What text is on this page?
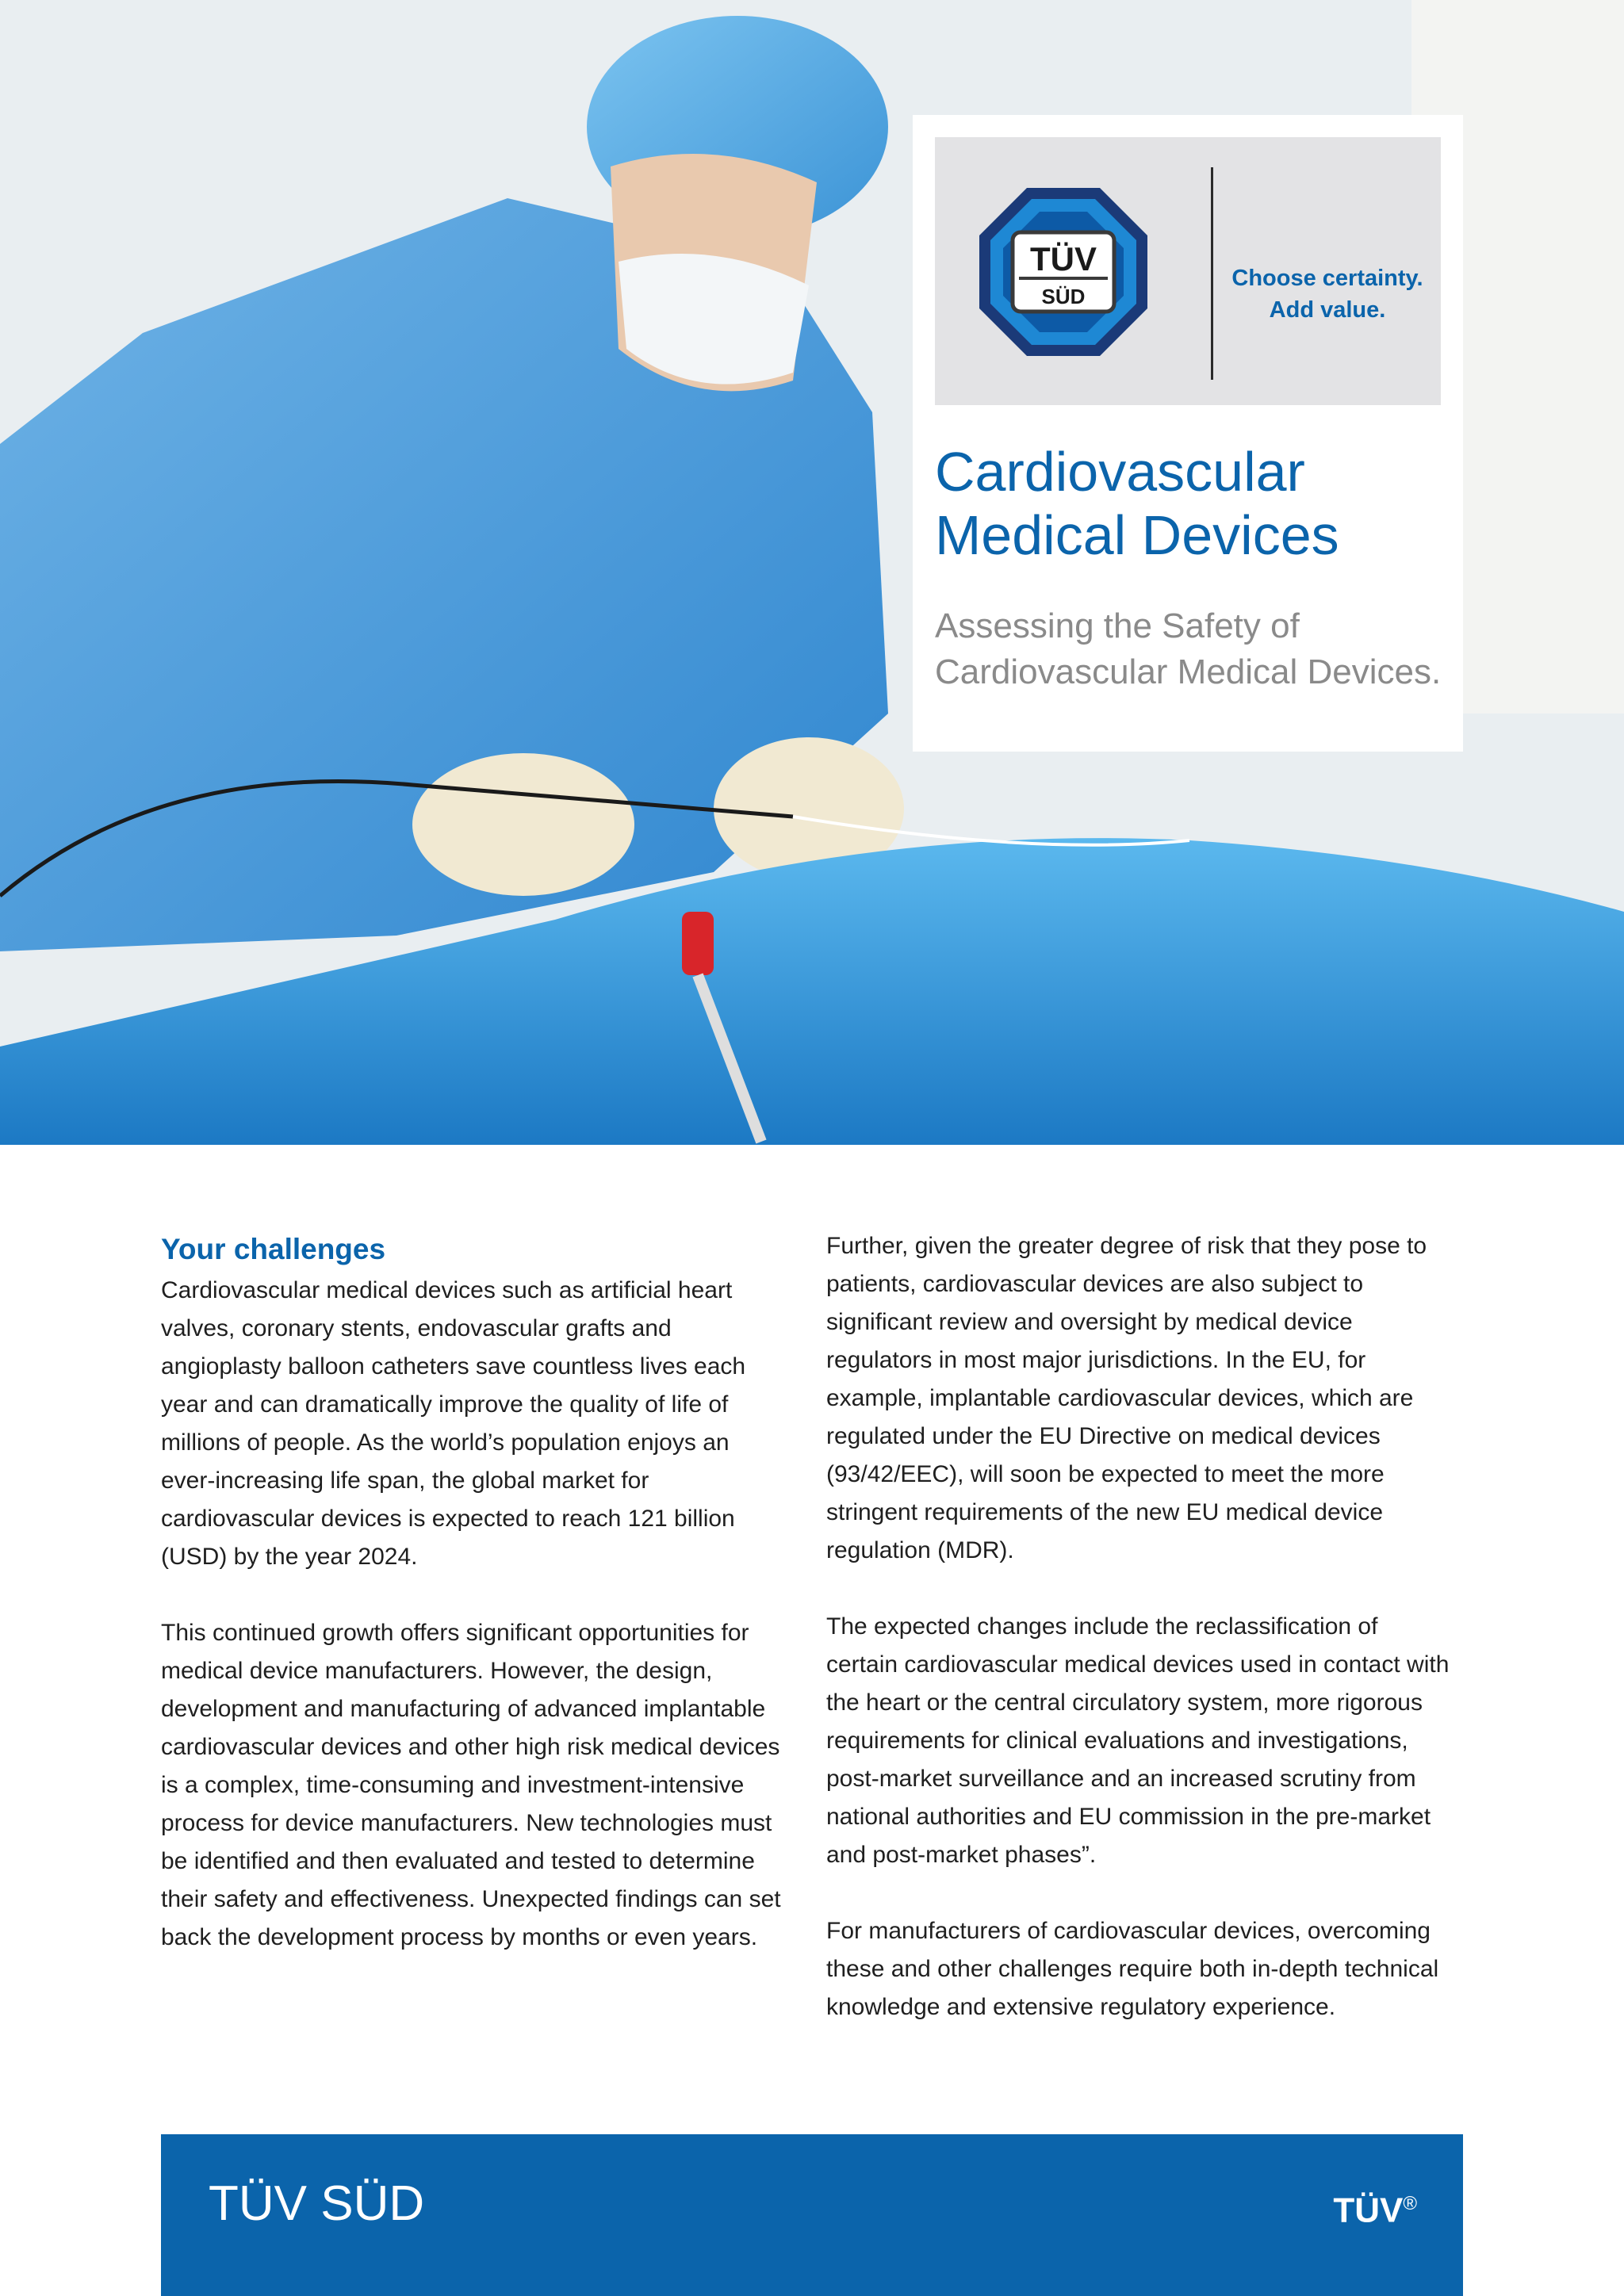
TÜV
SÜD
Choose certainty.
Add value.
Cardiovascular
Medical Devices

Assessing the Safety of
Cardiovascular Medical Devices.

Your challenges

Cardiovascular medical devices such as artificial heart valves, coronary stents, endovascular grafts and angioplasty balloon catheters save countless lives each year and can dramatically improve the quality of life of millions of people. As the world’s population enjoys an ever-increasing life span, the global market for cardiovascular devices is expected to reach 121 billion (USD) by the year 2024.

This continued growth offers significant opportunities for medical device manufacturers. However, the design, development and manufacturing of advanced implantable cardiovascular devices and other high risk medical devices is a complex, time-consuming and investment-intensive process for device manufacturers. New technologies must be identified and then evaluated and tested to determine their safety and effectiveness. Unexpected findings can set back the development process by months or even years.

Further, given the greater degree of risk that they pose to patients, cardiovascular devices are also subject to significant review and oversight by medical device regulators in most major jurisdictions. In the EU, for example, implantable cardiovascular devices, which are regulated under the EU Directive on medical devices (93/42/EEC), will soon be expected to meet the more stringent requirements of the new EU medical device regulation (MDR).

The expected changes include the reclassification of certain cardiovascular medical devices used in contact with the heart or the central circulatory system, more rigorous requirements for clinical evaluations and investigations, post-market surveillance and an increased scrutiny from national authorities and EU commission in the pre-market and post-market phases”.

For manufacturers of cardiovascular devices, overcoming these and other challenges require both in-depth technical knowledge and extensive regulatory experience.

TÜV SÜD	TÜV®
